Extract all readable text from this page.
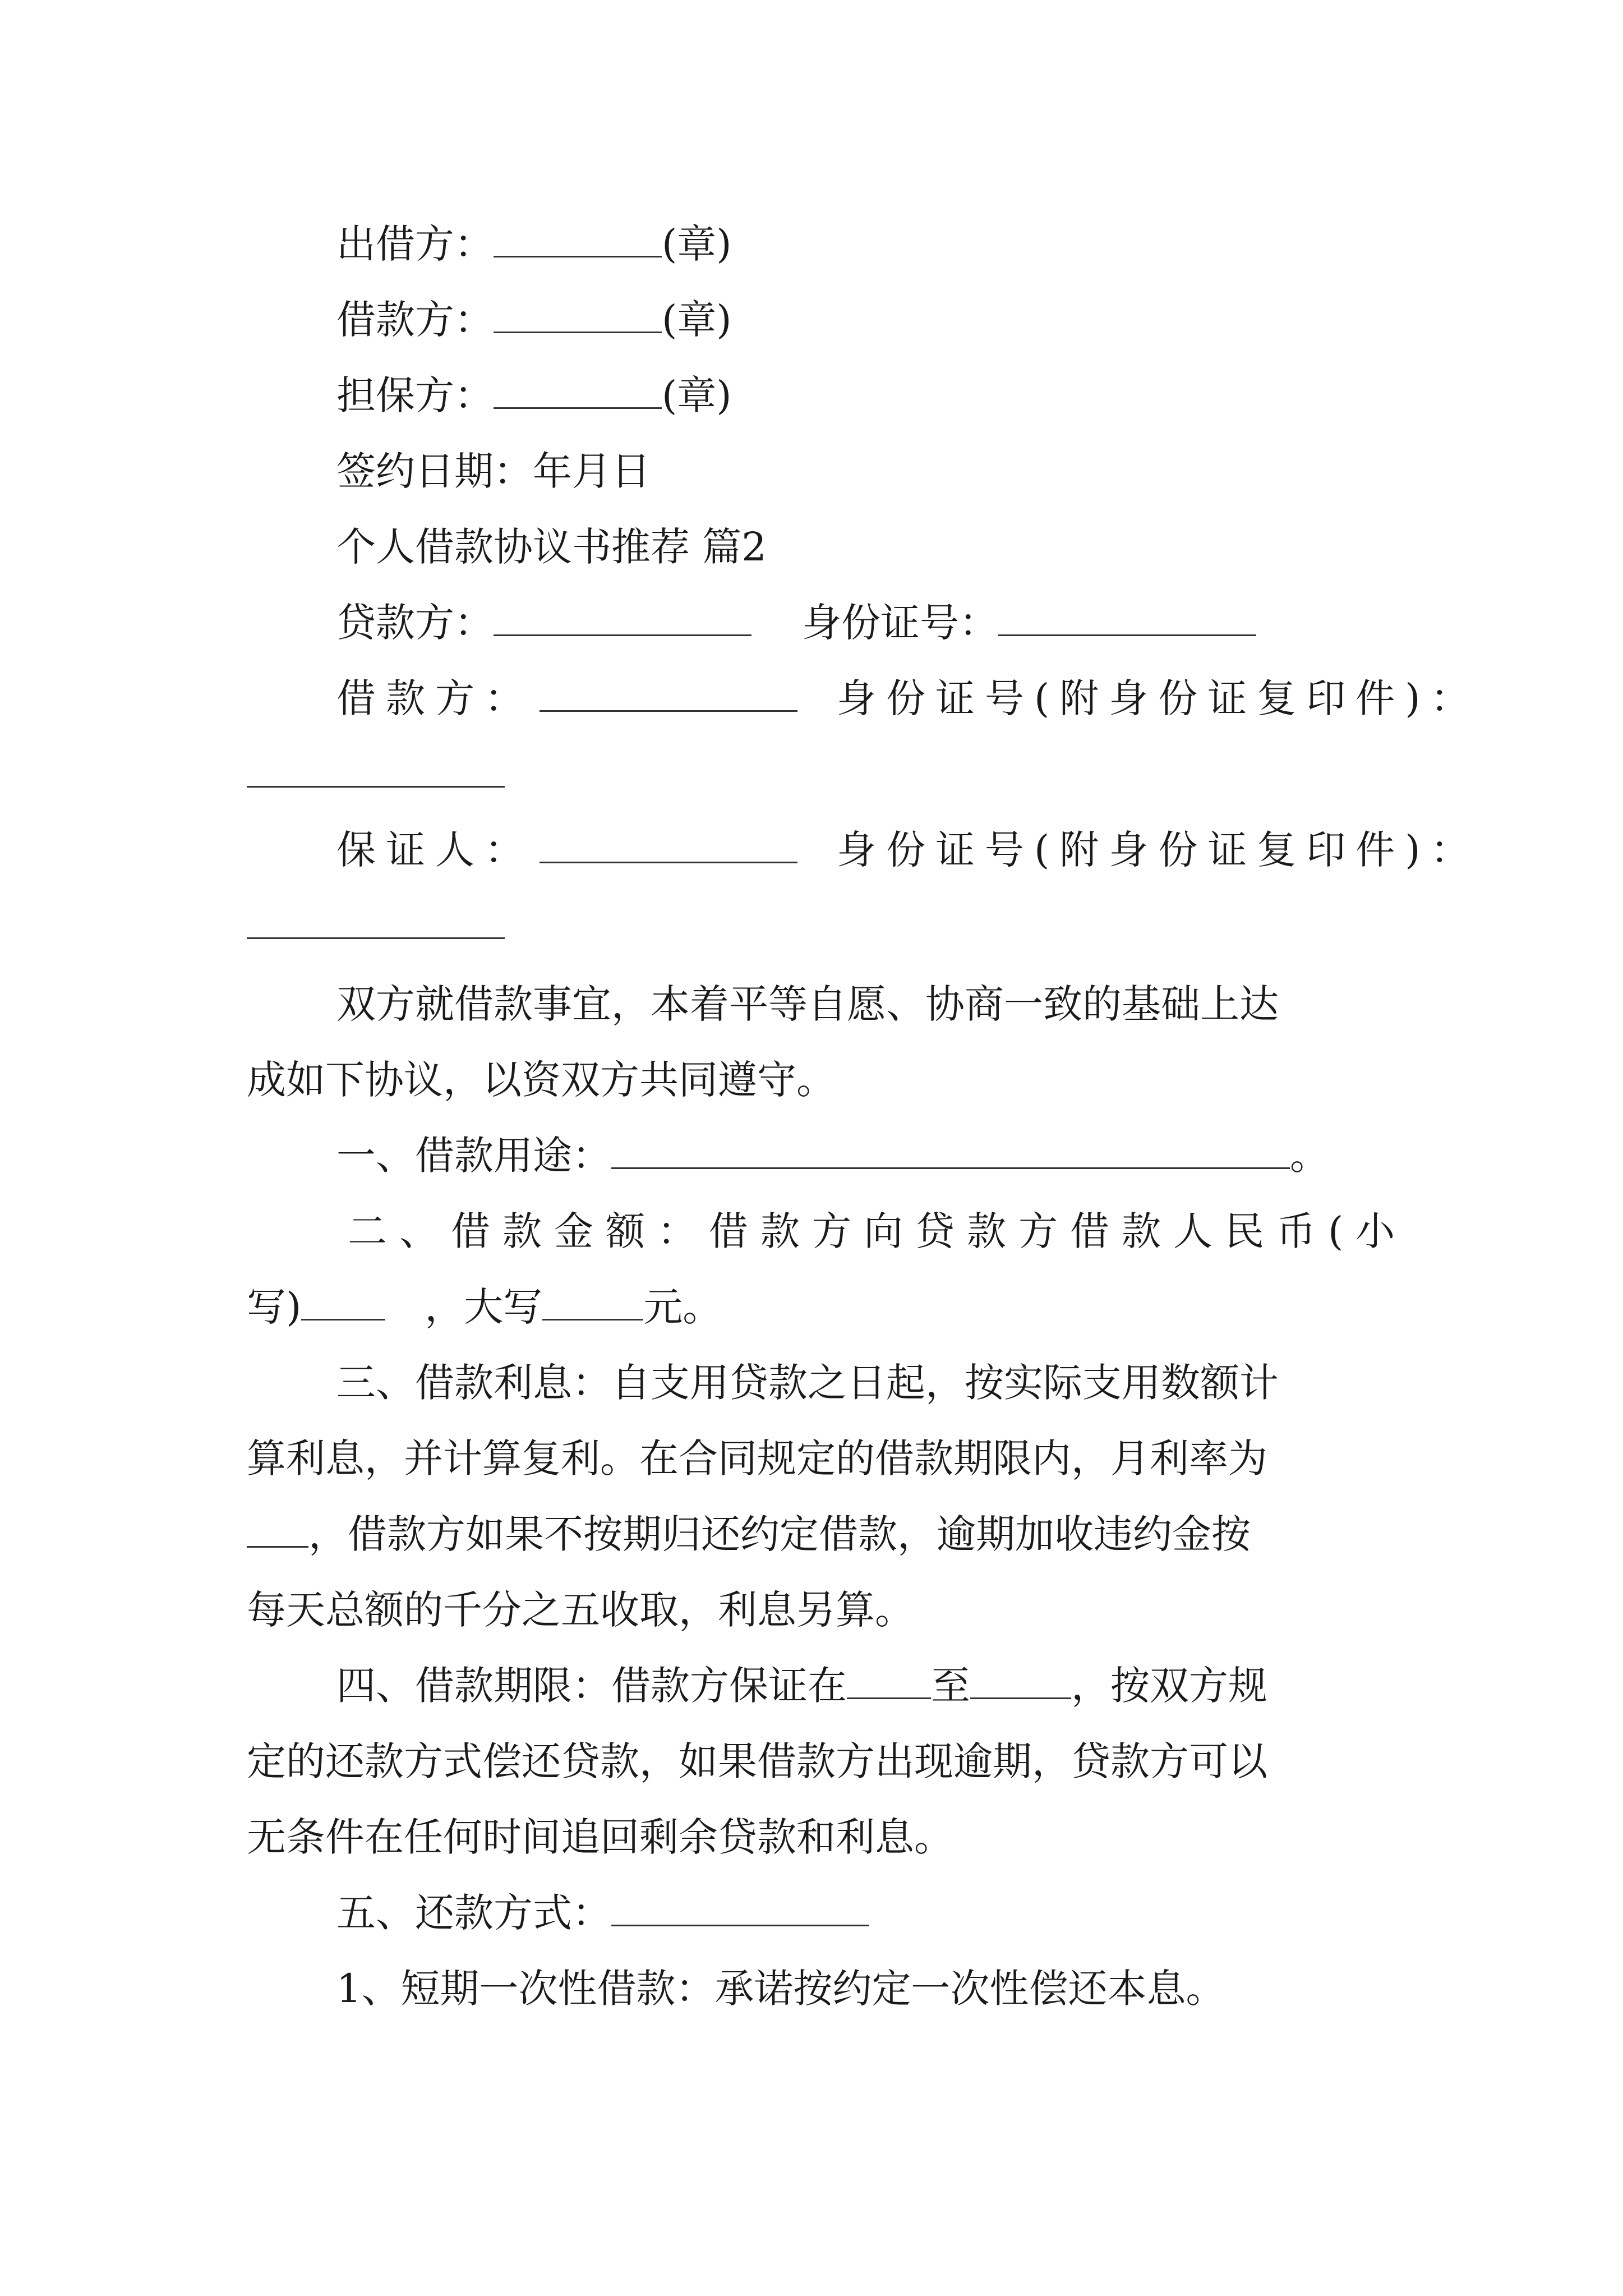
出借方：	(章)
借款方：	(章)
担保方：	(章)
签约日期：年月日
个人借款协议书推荐 篇2
贷款方：	身份证号：
借款方：	身份证号(附身份证复印件)：
保证人：	身份证号(附身份证复印件)：
双方就借款事宜，本着平等自愿、协商一致的基础上达
成如下协议，以资双方共同遵守。
一、借款用途：	。
二、借款金额：借款方向贷款方借款人民币(小
写)	，大写	元。
三、借款利息：自支用贷款之日起，按实际支用数额计
算利息，并计算复利。在合同规定的借款期限内，月利率为
，借款方如果不按期归还约定借款，逾期加收违约金按
每天总额的千分之五收取，利息另算。
四、借款期限：借款方保证在 至	，按双方规
定的还款方式偿还贷款，如果借款方出现逾期，贷款方可以
无条件在任何时间追回剩余贷款和利息。
五、还款方式：
1、短期一次性借款：承诺按约定一次性偿还本息。
